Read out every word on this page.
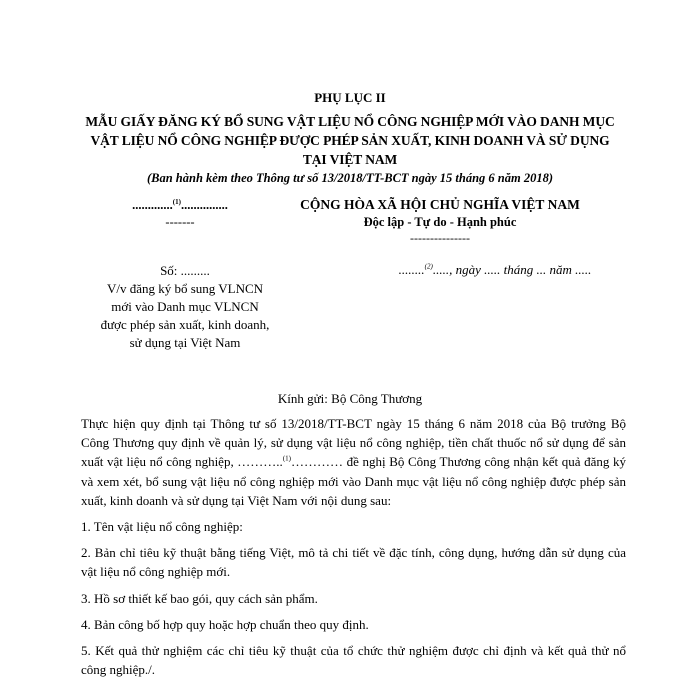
PHỤ LỤC II
MẪU GIẤY ĐĂNG KÝ BỔ SUNG VẬT LIỆU NỔ CÔNG NGHIỆP MỚI VÀO DANH MỤC
VẬT LIỆU NỔ CÔNG NGHIỆP ĐƯỢC PHÉP SẢN XUẤT, KINH DOANH VÀ SỬ DỤNG
TẠI VIỆT NAM
(Ban hành kèm theo Thông tư số 13/2018/TT-BCT ngày 15 tháng 6 năm 2018)
.............$^{(1)}$...............
-------
CỘNG HÒA XÃ HỘI CHỦ NGHĨA VIỆT NAM
Độc lập - Tự do - Hạnh phúc
---------------
Số: .........
V/v đăng ký bổ sung VLNCN
mới vào Danh mục VLNCN
được phép sản xuất, kinh doanh,
sử dụng tại Việt Nam
........$^{(2)}$....., ngày ..... tháng ... năm .....
Kính gửi: Bộ Công Thương

Thực hiện quy định tại Thông tư số 13/2018/TT-BCT ngày 15 tháng 6 năm 2018 của Bộ trưởng Bộ Công Thương quy định về quản lý, sử dụng vật liệu nổ công nghiệp, tiền chất thuốc nổ sử dụng để sản xuất vật liệu nổ công nghiệp, ………..$^{(1)}$………… đề nghị Bộ Công Thương công nhận kết quả đăng ký và xem xét, bổ sung vật liệu nổ công nghiệp mới vào Danh mục vật liệu nổ công nghiệp được phép sản xuất, kinh doanh và sử dụng tại Việt Nam với nội dung sau:

1. Tên vật liệu nổ công nghiệp:

2. Bản chỉ tiêu kỹ thuật bằng tiếng Việt, mô tả chi tiết về đặc tính, công dụng, hướng dẫn sử dụng của vật liệu nổ công nghiệp mới.

3. Hồ sơ thiết kế bao gói, quy cách sản phẩm.

4. Bản công bố hợp quy hoặc hợp chuẩn theo quy định.

5. Kết quả thử nghiệm các chỉ tiêu kỹ thuật của tổ chức thử nghiệm được chỉ định và kết quả thử nổ công nghiệp./.
